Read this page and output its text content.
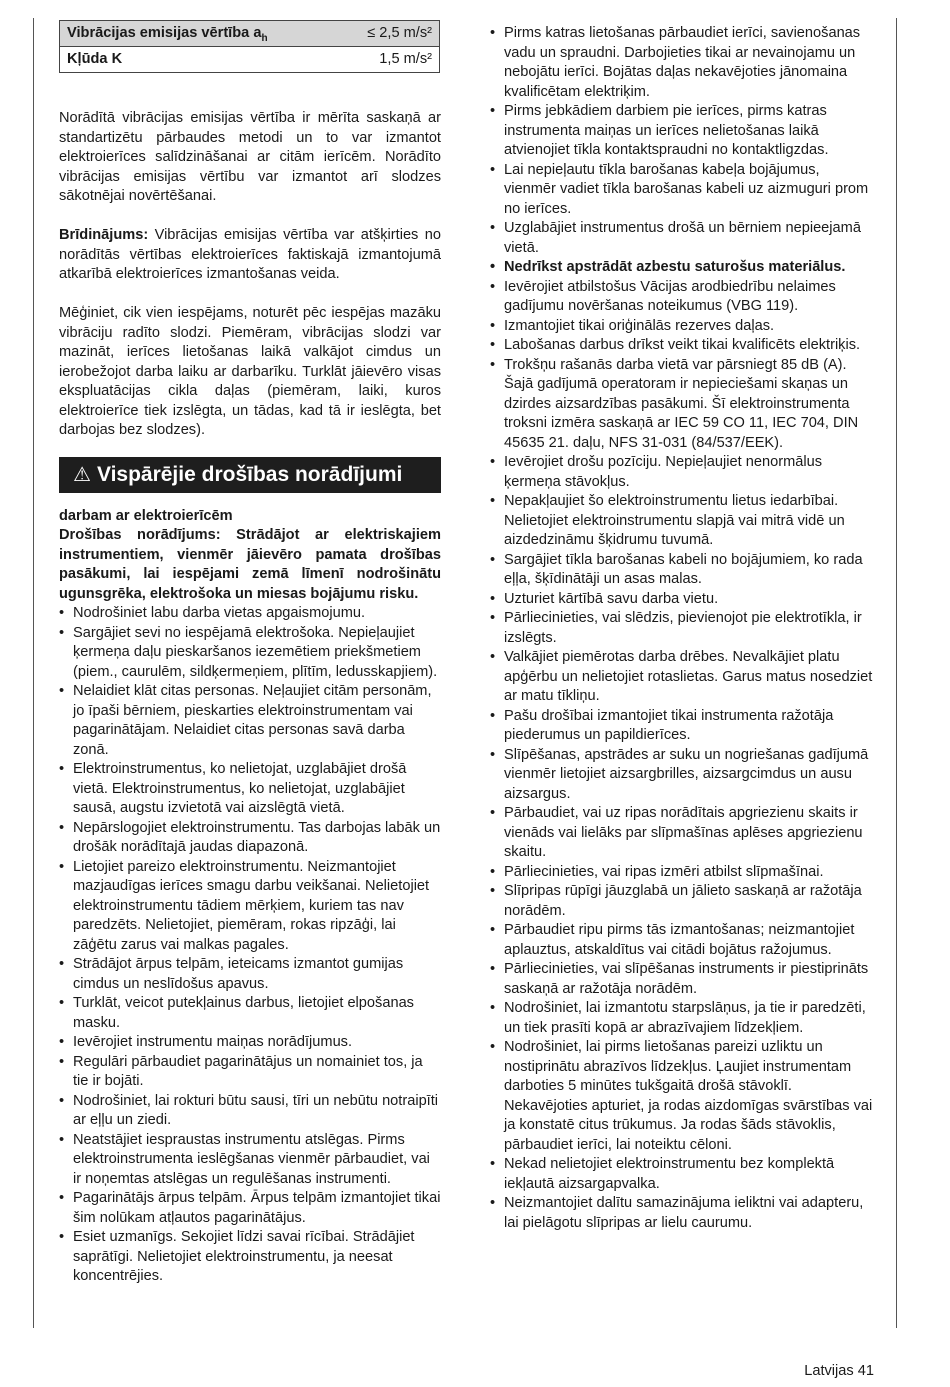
Vibrācijas emisijas vērtība $a_h$	≤ 2,5 m/s²
Kļūda K	1,5 m/s²

Norādītā vibrācijas emisijas vērtība ir mērīta saskaņā ar standartizētu pārbaudes metodi un to var izmantot elektroierīces salīdzināšanai ar citām ierīcēm. Norādīto vibrācijas emisijas vērtību var izmantot arī slodzes sākotnējai novērtēšanai.

Brīdinājums: Vibrācijas emisijas vērtība var atšķirties no norādītās vērtības elektroierīces faktiskajā izmantojumā atkarībā elektroierīces izmantošanas veida.

Mēģiniet, cik vien iespējams, noturēt pēc iespējas mazāku vibrāciju radīto slodzi. Piemēram, vibrācijas slodzi var mazināt, ierīces lietošanas laikā valkājot cimdus un ierobežojot darba laiku ar darbarīku. Turklāt jāievēro visas ekspluatācijas cikla daļas (piemēram, laiki, kuros elektroierīce tiek izslēgta, un tādas, kad tā ir ieslēgta, bet darbojas bez slodzes).

⚠ Vispārējie drošības norādījumi
darbam ar elektroierīcēm
Drošības norādījums: Strādājot ar elektriskajiem instrumentiem, vienmēr jāievēro pamata drošības pasākumi, lai iespējami zemā līmenī nodrošinātu ugunsgrēka, elektrošoka un miesas bojājumu risku.
• Nodrošiniet labu darba vietas apgaismojumu.
• Sargājiet sevi no iespējamā elektrošoka. Nepieļaujiet ķermeņa daļu pieskaršanos iezemētiem priekšmetiem (piem., caurulēm, sildķermeņiem, plītīm, ledusskapjiem).
• Nelaidiet klāt citas personas. Neļaujiet citām personām, jo īpaši bērniem, pieskarties elektroinstrumentam vai pagarinātājam. Nelaidiet citas personas savā darba zonā.
• Elektroinstrumentus, ko nelietojat, uzglabājiet drošā vietā. Elektroinstrumentus, ko nelietojat, uzglabājiet sausā, augstu izvietotā vai aizslēgtā vietā.
• Nepārslogojiet elektroinstrumentu. Tas darbojas labāk un drošāk norādītajā jaudas diapazonā.
• Lietojiet pareizo elektroinstrumentu. Neizmantojiet mazjaudīgas ierīces smagu darbu veikšanai. Nelietojiet elektroinstrumentu tādiem mērķiem, kuriem tas nav paredzēts. Nelietojiet, piemēram, rokas ripzāģi, lai zāģētu zarus vai malkas pagales.
• Strādājot ārpus telpām, ieteicams izmantot gumijas cimdus un neslīdošus apavus.
• Turklāt, veicot putekļainus darbus, lietojiet elpošanas masku.
• Ievērojiet instrumentu maiņas norādījumus.
• Regulāri pārbaudiet pagarinātājus un nomainiet tos, ja tie ir bojāti.
• Nodrošiniet, lai rokturi būtu sausi, tīri un nebūtu notraipīti ar eļļu un ziedi.
• Neatstājiet iespraustas instrumentu atslēgas. Pirms elektroinstrumenta ieslēgšanas vienmēr pārbaudiet, vai ir noņemtas atslēgas un regulēšanas instrumenti.
• Pagarinātājs ārpus telpām. Ārpus telpām izmantojiet tikai šim nolūkam atļautos pagarinātājus.
• Esiet uzmanīgs. Sekojiet līdzi savai rīcībai. Strādājiet saprātīgi. Nelietojiet elektroinstrumentu, ja neesat koncentrējies.
• Pirms katras lietošanas pārbaudiet ierīci, savienošanas vadu un spraudni. Darbojieties tikai ar nevainojamu un nebojātu ierīci. Bojātas daļas nekavējoties jānomaina kvalificētam elektriķim.
• Pirms jebkādiem darbiem pie ierīces, pirms katras instrumenta maiņas un ierīces nelietošanas laikā atvienojiet tīkla kontaktspraudni no kontaktligzdas.
• Lai nepieļautu tīkla barošanas kabeļa bojājumus, vienmēr vadiet tīkla barošanas kabeli uz aizmuguri prom no ierīces.
• Uzglabājiet instrumentus drošā un bērniem nepieejamā vietā.
• Nedrīkst apstrādāt azbestu saturošus materiālus.
• Ievērojiet atbilstošus Vācijas arodbiedrību nelaimes gadījumu novēršanas noteikumus (VBG 119).
• Izmantojiet tikai oriģinālās rezerves daļas.
• Labošanas darbus drīkst veikt tikai kvalificēts elektriķis.
• Trokšņu rašanās darba vietā var pārsniegt 85 dB (A). Šajā gadījumā operatoram ir nepieciešami skaņas un dzirdes aizsardzības pasākumi. Šī elektroinstrumenta troksni izmēra saskaņā ar IEC 59 CO 11, IEC 704, DIN 45635 21. daļu, NFS 31-031 (84/537/EEK).
• Ievērojiet drošu pozīciju. Nepieļaujiet nenormālus ķermeņa stāvokļus.
• Nepakļaujiet šo elektroinstrumentu lietus iedarbībai. Nelietojiet elektroinstrumentu slapjā vai mitrā vidē un aizdedzināmu šķidrumu tuvumā.
• Sargājiet tīkla barošanas kabeli no bojājumiem, ko rada eļļa, šķīdinātāji un asas malas.
• Uzturiet kārtībā savu darba vietu.
• Pārliecinieties, vai slēdzis, pievienojot pie elektrotīkla, ir izslēgts.
• Valkājiet piemērotas darba drēbes. Nevalkājiet platu apģērbu un nelietojiet rotaslietas. Garus matus nosedziet ar matu tīkliņu.
• Pašu drošībai izmantojiet tikai instrumenta ražotāja piederumus un papildierīces.
• Slīpēšanas, apstrādes ar suku un nogriešanas gadījumā vienmēr lietojiet aizsargbrilles, aizsargcimdus un ausu aizsargus.
• Pārbaudiet, vai uz ripas norādītais apgriezienu skaits ir vienāds vai lielāks par slīpmašīnas aplēses apgriezienu skaitu.
• Pārliecinieties, vai ripas izmēri atbilst slīpmašīnai.
• Slīpripas rūpīgi jāuzglabā un jālieto saskaņā ar ražotāja norādēm.
• Pārbaudiet ripu pirms tās izmantošanas; neizmantojiet aplauztus, atskaldītus vai citādi bojātus ražojumus.
• Pārliecinieties, vai slīpēšanas instruments ir piestiprināts saskaņā ar ražotāja norādēm.
• Nodrošiniet, lai izmantotu starpslāņus, ja tie ir paredzēti, un tiek prasīti kopā ar abrazīvajiem līdzekļiem.
• Nodrošiniet, lai pirms lietošanas pareizi uzliktu un nostiprinātu abrazīvos līdzekļus. Ļaujiet instrumentam darboties 5 minūtes tukšgaitā drošā stāvoklī. Nekavējoties apturiet, ja rodas aizdomīgas svārstības vai ja konstatē citus trūkumus. Ja rodas šāds stāvoklis, pārbaudiet ierīci, lai noteiktu cēloni.
• Nekad nelietojiet elektroinstrumentu bez komplektā iekļautā aizsargapvalka.
• Neizmantojiet dalītu samazinājuma ieliktni vai adapteru, lai pielāgotu slīpripas ar lielu caurumu.
Latvijas 41
